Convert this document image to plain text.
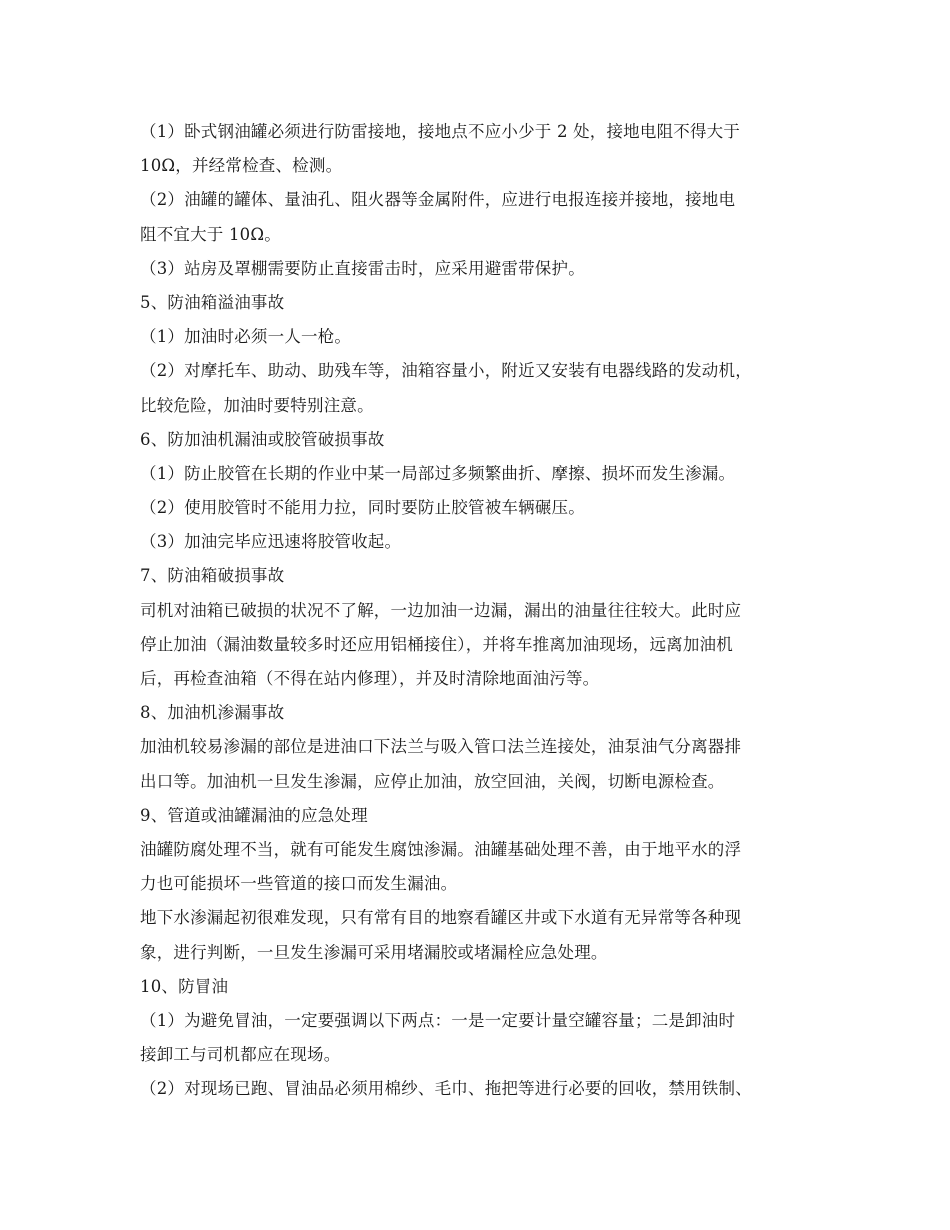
（1）卧式钢油罐必须进行防雷接地，接地点不应小少于 2 处，接地电阻不得大于
10Ω，并经常检查、检测。
（2）油罐的罐体、量油孔、阻火器等金属附件，应进行电报连接并接地，接地电
阻不宜大于 10Ω。
（3）站房及罩棚需要防止直接雷击时，应采用避雷带保护。
5、防油箱溢油事故
（1）加油时必须一人一枪。
（2）对摩托车、助动、助残车等，油箱容量小，附近又安装有电器线路的发动机，
比较危险，加油时要特别注意。
6、防加油机漏油或胶管破损事故
（1）防止胶管在长期的作业中某一局部过多频繁曲折、摩擦、损坏而发生渗漏。
（2）使用胶管时不能用力拉，同时要防止胶管被车辆碾压。
（3）加油完毕应迅速将胶管收起。
7、防油箱破损事故
司机对油箱已破损的状况不了解，一边加油一边漏，漏出的油量往往较大。此时应
停止加油（漏油数量较多时还应用铝桶接住），并将车推离加油现场，远离加油机
后，再检查油箱（不得在站内修理），并及时清除地面油污等。
8、加油机渗漏事故
加油机较易渗漏的部位是进油口下法兰与吸入管口法兰连接处，油泵油气分离器排
出口等。加油机一旦发生渗漏，应停止加油，放空回油，关阀，切断电源检查。
9、管道或油罐漏油的应急处理
油罐防腐处理不当，就有可能发生腐蚀渗漏。油罐基础处理不善，由于地平水的浮
力也可能损坏一些管道的接口而发生漏油。
地下水渗漏起初很难发现，只有常有目的地察看罐区井或下水道有无异常等各种现
象，进行判断，一旦发生渗漏可采用堵漏胶或堵漏栓应急处理。
10、防冒油
（1）为避免冒油，一定要强调以下两点：一是一定要计量空罐容量；二是卸油时
接卸工与司机都应在现场。
（2）对现场已跑、冒油品必须用棉纱、毛巾、拖把等进行必要的回收，禁用铁制、
